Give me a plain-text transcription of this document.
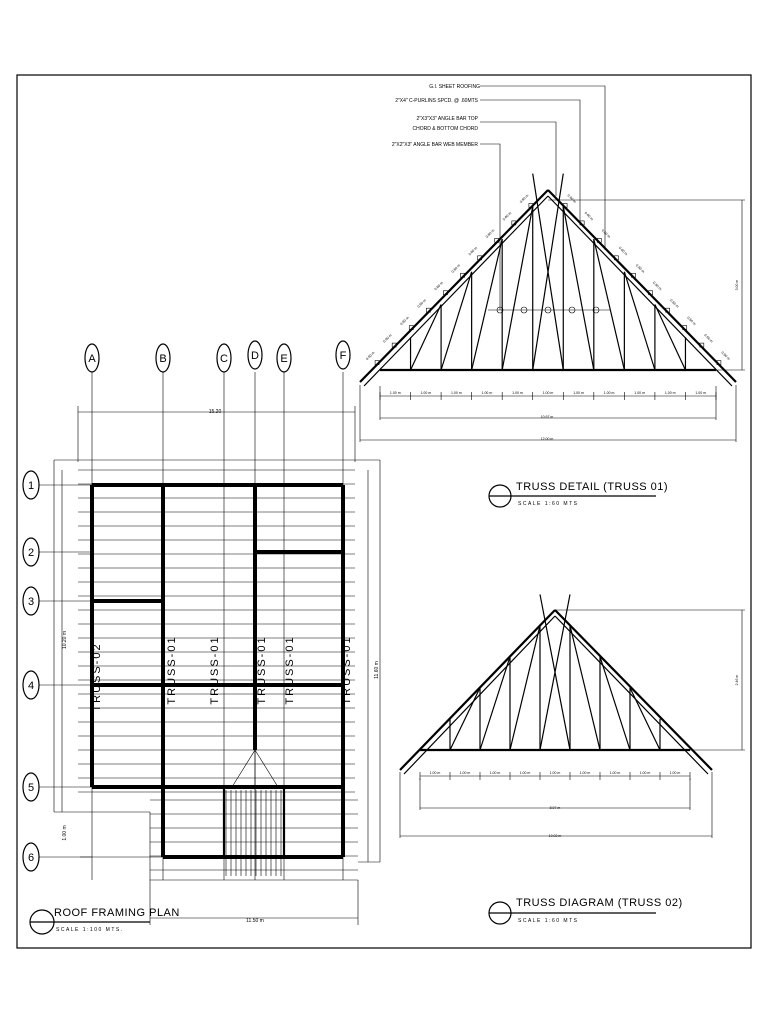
A	B	C D E	F
1
2
3
4
5
6
15.20
10.20 m
11.60 m
11.50 m
1.00 m
TRUSS-02	TRUSS-01	TRUSS-01	TRUSS-01 TRUSS-01	TRUSS-01
ROOF FRAMING PLAN
SCALE 1:100 MTS.
1.00 m	1.00 m	1.00 m	1.00 m	1.00 m	1.00 m	1.00 m	1.00 m	1.00 m	1.00 m	1.00 m
0.60 m	0.60 m
0.60 m	0.60 m
0.60 m	0.60 m
0.60 m	0.60 m
0.60 m	0.60 m
0.60 m	0.60 m
0.60 m	0.60 m
0.60 m	0.60 m
0.60 m	0.60 m
0.60 m	0.60 m
G.I. SHEET ROOFING
2"X4" C-PURLINS SPCD. @ .60MTS
2"X3"X3" ANGLE BAR TOP
CHORD & BOTTOM CHORD
2"X2"X3" ANGLE BAR WEB MEMBER
10.97 m
12.00 m
3.00 m
TRUSS DETAIL (TRUSS 01)
SCALE 1:60 MTS
1.00 m	1.00 m	1.00 m	1.00 m	1.00 m	1.00 m	1.00 m	1.00 m	1.00 m
8.97 m
10.02 m
2.46 m
TRUSS DIAGRAM (TRUSS 02)
SCALE 1:60 MTS
